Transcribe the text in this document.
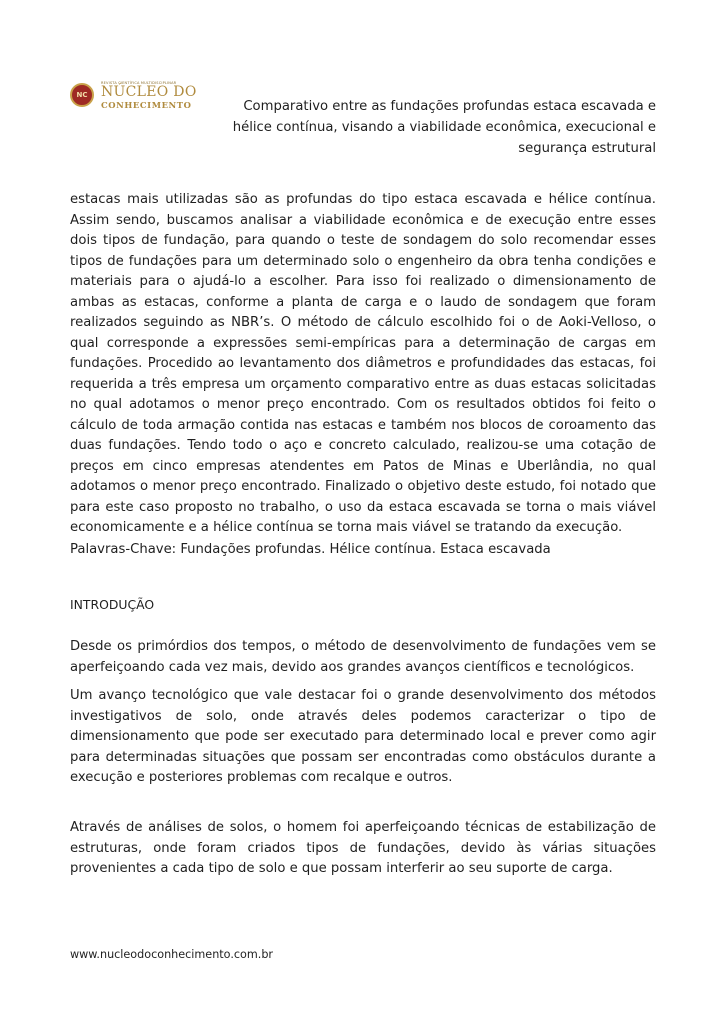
NC
REVISTA CIENTÍFICA MULTIDISCIPLINAR
NÚCLEO DO
CONHECIMENTO	Comparativo entre as fundações profundas estaca escavada e hélice contínua, visando a viabilidade econômica, execucional e segurança estrutural

estacas mais utilizadas são as profundas do tipo estaca escavada e hélice contínua. Assim sendo, buscamos analisar a viabilidade econômica e de execução entre esses dois tipos de fundação, para quando o teste de sondagem do solo recomendar esses tipos de fundações para um determinado solo o engenheiro da obra tenha condições e materiais para o ajudá-lo a escolher. Para isso foi realizado o dimensionamento de ambas as estacas, conforme a planta de carga e o laudo de sondagem que foram realizados seguindo as NBR’s. O método de cálculo escolhido foi o de Aoki-Velloso, o qual corresponde a expressões semi-empíricas para a determinação de cargas em fundações. Procedido ao levantamento dos diâmetros e profundidades das estacas, foi requerida a três empresa um orçamento comparativo entre as duas estacas solicitadas no qual adotamos o menor preço encontrado. Com os resultados obtidos foi feito o cálculo de toda armação contida nas estacas e também nos blocos de coroamento das duas fundações. Tendo todo o aço e concreto calculado, realizou-se uma cotação de preços em cinco empresas atendentes em Patos de Minas e Uberlândia, no qual adotamos o menor preço encontrado. Finalizado o objetivo deste estudo, foi notado que para este caso proposto no trabalho, o uso da estaca escavada se torna o mais viável economicamente e a hélice contínua se torna mais viável se tratando da execução.

Palavras-Chave: Fundações profundas. Hélice contínua. Estaca escavada
INTRODUÇÃO

Desde os primórdios dos tempos, o método de desenvolvimento de fundações vem se aperfeiçoando cada vez mais, devido aos grandes avanços científicos e tecnológicos.

Um avanço tecnológico que vale destacar foi o grande desenvolvimento dos métodos investigativos de solo, onde através deles podemos caracterizar o tipo de dimensionamento que pode ser executado para determinado local e prever como agir para determinadas situações que possam ser encontradas como obstáculos durante a execução e posteriores problemas com recalque e outros.

Através de análises de solos, o homem foi aperfeiçoando técnicas de estabilização de estruturas, onde foram criados tipos de fundações, devido às várias situações provenientes a cada tipo de solo e que possam interferir ao seu suporte de carga.

www.nucleodoconhecimento.com.br
